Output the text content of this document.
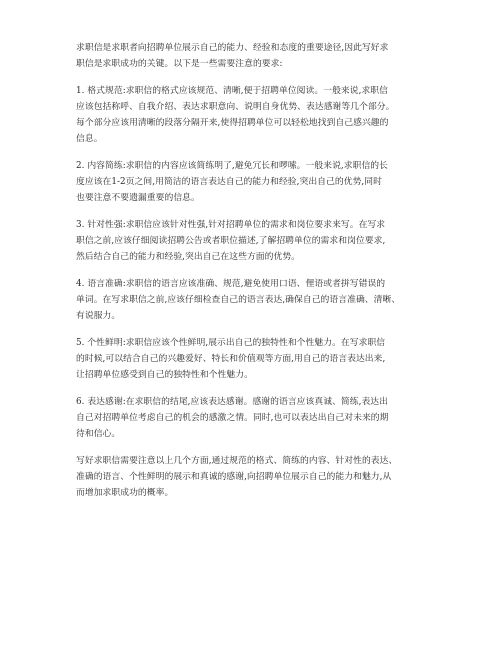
求职信是求职者向招聘单位展示自己的能力、经验和态度的重要途径,因此写好求
职信是求职成功的关键。以下是一些需要注意的要求:

1. 格式规范:求职信的格式应该规范、清晰,便于招聘单位阅读。一般来说,求职信
应该包括称呼、自我介绍、表达求职意向、说明自身优势、表达感谢等几个部分。
每个部分应该用清晰的段落分隔开来,使得招聘单位可以轻松地找到自己感兴趣的
信息。

2. 内容简练:求职信的内容应该简练明了,避免冗长和啰嗦。一般来说,求职信的长
度应该在1-2页之间,用简洁的语言表达自己的能力和经验,突出自己的优势,同时
也要注意不要遗漏重要的信息。

3. 针对性强:求职信应该针对性强,针对招聘单位的需求和岗位要求来写。在写求
职信之前,应该仔细阅读招聘公告或者职位描述,了解招聘单位的需求和岗位要求,
然后结合自己的能力和经验,突出自己在这些方面的优势。

4. 语言准确:求职信的语言应该准确、规范,避免使用口语、俚语或者拼写错误的
单词。在写求职信之前,应该仔细检查自己的语言表达,确保自己的语言准确、清晰、
有说服力。

5. 个性鲜明:求职信应该个性鲜明,展示出自己的独特性和个性魅力。在写求职信
的时候,可以结合自己的兴趣爱好、特长和价值观等方面,用自己的语言表达出来,
让招聘单位感受到自己的独特性和个性魅力。

6. 表达感谢:在求职信的结尾,应该表达感谢。感谢的语言应该真诚、简练,表达出
自己对招聘单位考虑自己的机会的感激之情。同时,也可以表达出自己对未来的期
待和信心。

写好求职信需要注意以上几个方面,通过规范的格式、简练的内容、针对性的表达、
准确的语言、个性鲜明的展示和真诚的感谢,向招聘单位展示自己的能力和魅力,从
而增加求职成功的概率。
